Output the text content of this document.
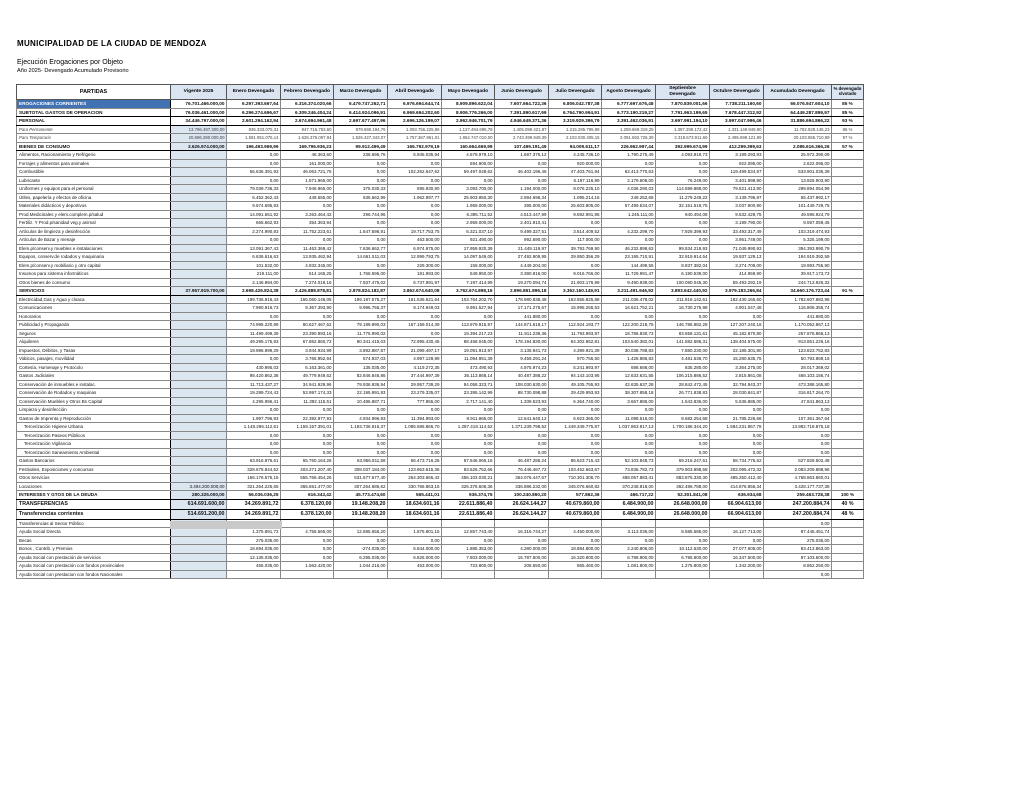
MUNICIPALIDAD DE LA CIUDAD DE MENDOZA
Ejecución Erogaciones por Objeto
Año 2025- Devengado Acumulado Provisorio
PARTIDAS	Vigente 2025	Enero Devengado	Febrero Devengado	Marzo Devengado	Abril Devengado	Mayo Devengado	Junio Devengado	Julio Devengado	Agosto Devengado	Septiembre Devengado	Octubre Devengado	Acumulado Devengado	% devengado s/votado
EROGACIONES CORRIENTES	76.701.466.000,00	6.297.393.667,64	6.316.374.020,66	6.479.747.262,71	6.976.694.644,74	8.909.896.622,04	7.607.664.722,36	6.806.042.787,38	6.777.697.676,48	7.870.839.001,66	7.738.211.160,60	66.076.947.604,10	85 %
SUBTOTAL GASTOS DE OPERACION	76.036.461.000,00	6.296.274.696,67	6.309.246.404,24	6.414.924.096,91	6.969.694.202,60	8.906.776.266,00	7.391.890.617,99	6.764.790.994,91	6.773.190.219,27	7.791.963.199,65	7.678.447.312,92	64.449.287.899,97	85 %
PERSONAL	34.446.797.000,00	2.601.294.162,94	2.674.694.961,48	2.697.677.497,96	2.696.126.199,07	2.962.946.701,79	4.946.649.371,36	3.319.929.396,79	3.391.462.036,91	3.697.991.194,10	3.997.047.996,46	31.886.694.866,22	93 %
Para Permanente	13.796.497.300,00	936.333.075,31	947.716.753,60	979.690.194,76	1.093.756.225,96	1.127.494.695,78	1.405.099.421,87	1.215.295.795,98	1.259.669.319,25	1.397.299.172,42	1.331.149.949,90	11.782.828.145,23	86 %
Para Temporario	20.696.390.000,00	1.591.951.076,14	1.626.376.097,94	1.526.427.343,07	1.757.367.961,01	1.954.747.010,00	2.743.499.949,39	2.103.030.405,15	2.091.692.726,39	2.319.673.911,69	2.495.699.121,99	20.103.865.710,99	97 %
BIENES DE CONSUMO	3.626.974.000,00	196.493.969,99	169.796.936,23	99.912.499,49	166.792.979,19	160.664.669,99	107.499.191,49	94.009.611,17	226.962.997,44	392.999.674,99	412.299.399,63	2.086.616.366,26	57 %
Alimentos, Racionamiento y Refrigerio		0,00	46.363,60	236.696,76	5.945.035,94	4.679.979,10	1.697.376,12	4.245.736,10	1.790.275,49	4.093.919,73	3.199.293,93	25.972.390,09	
Forrajes y alimentos para animales		0,00	161.000,00	0,00	0,00	694.900,00	0,00	920.000,00	0,00	0,00	922.095,00	2.622.095,00	
Combustible		56.636.391,93	46.063.721,76	0,00	102.262.647,62	59.497.049,62	46.402.196,46	47.403.761,94	62.413.770,63	0,00	119.499.534,97	533.901.035,39	
Lubricante		0,00	1.571.965,00	0,00	0,00	0,00	0,00	6.197.116,99	2.179.606,00	76.249,00	3.401.999,90	13.925.903,90	
Uniformes y equipos para el personal		79.039.736,33	7.946.965,00	375.030,33	595.930,90	3.093.700,00	1.194.000,00	9.076.225,10	4.036.290,03	114.599.888,00	79.521.413,90	299.894.054,99	
Útiles, papelería y efectos de oficina		6.452.362,43	449.555,00	535.662,99	1.962.997,77	25.903.950,30	2.694.696,34	1.095.214,16	249.252,65	11.279.249,22	3.139.796,97	55.437.992,17	
Materiales didácticos y deportivos		9.674.695,93	0,00	0,00	0,00	1.959.000,00	395.000,00	25.603.905,00	57.499.534,07	32.151.519,75	3.037.900,90	101.449.729,75	
Prod.Medicinales y elem.complem.p/salud		14.091.651,92	3.263.464,42	296.744,96	0,00	6.395.711,52	4.513.447,99	9.592.991,95	1.246.111,00	940.494,08	9.532.429,75	49.595.924,79	
Fertiliz. Y Prod.p/sanidad veg.y animal		665.662,93	354.363,94	0,00	0,00	2.959.000,00	2.401.910,41	0,00	0,00	0,00	3.199.790,00	9.597.059,45	
Artículos de limpieza y desinfección		2.274.990,93	11.752.223,61	1.647.596,91	19.717.753,75	6.321.037,10	9.499.327,51	3.614.409,52	4.232.299,70	7.929.399,93	33.493.317,49	103.319.474,93	
Artículos de Bazar y menaje		0,00	0,00	0,00	463.500,00	921.490,00	992.690,00	117.000,00	0,00	0,00	3.951.749,00	5.325.199,00	
Elem.p/conserv.y muebles e instalaciones		13.091.367,43	11.463.369,42	7.636.662,77	6.974.975,00	17.959.920,39	21.449.119,97	39.793.769,90	46.232.898,63	99.534.219,93	71.049.990,93	394.393.990,79	
Equipos, conserv.de rodados y maquinaria		6.636.616,63	13.935.462,94	14.661.511,03	12.999.793,75	14.097.549,00	27.492.909,95	29.950.356,29	23.195.710,91	32.919.914,54	19.937.129,13	194.919.392,59	
Elem.p/conserv.y mobiliario y otro capital		101.532,00	4.932.345,00	0,00	229.300,00	159.000,00	4.449.204,00	0,00	144.499,55	8.837.382,04	3.274.709,00	19.993.755,90	
Insumos para sistema informáticos		219.111,00	614.165,25	1.766.596,00	191.993,00	549.950,00	3.390.916,00	9.016.766,00	11.729.991,47	6.190.539,00	414.959,90	39.917.173,73	
Otros bienes de consumo		2.146.994,00	7.274.019,16	7.937.475,02	6.737.991,97	7.197.414,99	19.270.094,74	21.903.176,99	9.490.939,00	100.090.045,30	59.493.292,19	244.713.925,32	
SERVICIOS	37.957.919.700,00	2.698.426.824,38	2.426.888.878,81	2.878.824.182,87	3.862.674.640,08	3.762.674.898,16	2.896.861.896,18	3.362.160.149,91	3.211.491.946,92	3.893.642.440,92	3.979.183.266,84	34.660.176.723,44	91 %
Electricidad,Gas y Agua y cloaca		199.736.916,43	165.060.146,05	199.197.575,27	161.535.621,64	103.764.202,70	178.980.838,48	163.855.825,88	211.036.478,02	211.816.142,61	182.430.165,60	1.782.607.882,98	
Comunicaciones		7.990.916,73	9.367.393,90	9.996.755,37	9.174.949,03	9.991.527,94	17.171.275,67	15.995.255,53	16.621.752,21	16.730.275,98	4.901.047,48	116.806.355,74	
Honorarios		0,00	0,00	0,00	0,00	0,00	441.880,00	0,00	0,00	0,00	0,00	441.880,00	
Publicidad y Propaganda		74.995.220,99	80.627.467,62	79.199.990,03	167.159.014,39	113.979.915,97	144.871.618,17	112.924.193,77	122.200.218,75	146.786.882,28	127.207.240,16	1.170.052.867,13	
Seguros		11.499.499,39	23.390.993,16	11.775.990,02	0,00	19.394.217,23	11.911.239,36	11.793.993,97	18.786.830,73	83.658.131,61	45.182.870,80	267.876.866,13	
Alquileres		49.295.175,93	67.862.860,72	90.341.415,03	72.995.430,45	88.458.045,00	178.194.830,00	84.302.852,81	103.540.382,01	141.582.586,31	138.404.575,00	913.851.226,16	
Impuestos, Débitos, y Tasas		19.996.999,29	3.944.934,99	3.892.887,87	21.099.497,17	19.091.913,97	3.135.941,73	4.399.921,39	30.038.788,83	7.880.230,00	22.185.301,80	123.823.752,83	
Viáticos, pasajes, movilidad		0,00	3.765.952,94	574.937,03	4.997.129,99	11.094.951,39	9.459.291,24	970.755,50	1.428.886,83	4.481.536,70	15.280.635,75	50.793.869,16	
Cortesía, Homenaje y Protocolo		430.995,03	6.163.361,00	135.035,00	4.119.272,35	473.490,93	4.975.974,23	5.241.993,97	698.688,00	835.280,00	3.364.275,00	28.017.369,02	
Gastos Judiciales		98.420.862,38	49.779.949,62	82.846.846,86	37.444.997,39	36.113.868,14	40.487.388,22	94.143.103,95	12.633.631,55	106.215.886,52	2.815.861,08	468.103.156,74	
Conservación de inmuebles e instalac.		11.713.437,27	34.941.929,96	79.936.936,94	29.957.739,29	84.058.323,71	108.030.630,00	49.105.755,93	42.635.637,28	28.842.472,45	32.794.943,37	473.388.165,80	
Conservación de Rodados y maquinas		19.299.724,43	53.997.174,33	22.195.991,93	23.279.335,07	23.395.142,99	88.730.098,88	29.429.993,93	38.307.858,18	26.771.838,83	28.030.841,87	316.817.264,70	
Conservación Muebles y Otros Bs Capital		4.295.996,41	11.392.115,51	10.486.887,71	777.955,00	2.717.141,40	1.339.523,93	6.364.740,00	3.667.886,00	1.543.836,00	5.536.886,00	47.841.863,13	
Limpieza y desinfección		0,00	0,00	0,00	0,00	0,00	0,00	0,00	0,00	0,00	0,00	0,00	
Gastos de Imprenta y Reproducción		1.997.796,93	22.392.977,93	4.934.996,93	11.394.993,00	8.911.865,00	12.641.640,12	6.923.365,00	11.098.516,00	8.682.254,68	21.785.226,68	107.361.367,64	
Tercerización Higiene Urbana		1.148.296.112,61	1.159.157.391,01	1.193.736.915,37	1.085.586.865,70	1.287.418.114,52	1.371.239.798,52	1.449.349.775,87	1.037.863.817,13	1.700.186.344,20	1.584.231.867,78	13.982.718.875,18	
Tercerización Paseos Públicos		0,00	0,00	0,00	0,00	0,00	0,00	0,00	0,00	0,00	0,00	0,00	
Tercerización Vigilancia		0,00	0,00	0,00	0,00	0,00	0,00	0,00	0,00	0,00	0,00	0,00	
Tercerización Saneamiento Ambiental		0,00	0,00	0,00	0,00	0,00	0,00	0,00	0,00	0,00	0,00	0,00	
Gastos Bancarios		63.916.876,61	65.760.164,26	63.956.811,58	66.473.716,26	57.546.065,16	46.487.286,24	86.623.715,43	52.103.848,73	69.216.247,61	58.734.776,62	627.828.502,48	
Festivales, Exposiciones y concursos		328.675.844,52	403.271.207,40	308.037.184,00	123.863.615,36	83.626.752,66	76.446.467,72	103.452.663,67	73.836.782,73	379.903.898,58	202.095.472,32	2.083.209.888,96	
Otros Servicios		166.176.575,16	555.766.454,26	531.677.677,40	264.303.665,42	456.103.030,21	364.076.447,67	710.301.306,70	488.057.883,41	883.876.330,30	485.260.412,40	4.768.863.860,01	
Locaciones	3.494.200.000,00	321.264.225,65	365.651.477,00	307.264.686,62	330.766.863,16	326.376.606,36	336.886.232,00	345.076.660,82	370.248.818,00	362.486.788,00	414.876.856,34	3.428.177.737,38	
INTERESES Y GTOS DE LA DEUDA	280.325.000,00	56.036.036,25	616.343,42	45.773.474,60	565.441,01	936.374,75	100.240.860,20	577.862,36	466.717,22	52.301.841,08	636.934,68	259.463.728,38	100 %
TRANSFERENCIAS	614.691.600,00	34.269.891,72	6.378.120,00	19.148.208,20	18.634.601,16	22.611.886,40	26.624.144,27	40.679.860,00	6.484.900,00	26.648.000,00	66.904.613,00	247.200.884,74	40 %
Transferencias corrientes	514.691.200,00	34.269.891,72	6.378.120,00	19.148.208,20	18.634.601,16	22.611.886,40	26.624.144,27	40.679.860,00	6.484.900,00	26.648.000,00	66.904.613,00	247.200.884,74	48 %
Transferencias al Sector Público												0,00	
Ayuda Social Directa		1.375.891,72	4.755.565,00	12.685.656,20	1.875.801,15	12.857.743,40	16.316.744,27	4.450.000,00	3.113.036,00	8.585.586,00	16.127.713,00	87.445.451,74	
Becas		275.035,00	0,00	0,00	0,00	0,00	0,00	0,00	0,00	0,00	0,00	275.035,00	
Bonos , Contrib. y Premios		18.694.035,00	0,00	-274.035,00	6.844.000,00	1.885.353,00	4.280.000,00	18.884.800,00	2.240.806,00	10.112.530,00	27.077.605,00	83.413.863,00	
Ayuda Social con prestación de servicios		12.135.035,00	0,00	6.295.035,00	6.826.000,00	7.803.000,00	16.787.500,00	16.320.800,00	6.798.900,00	6.795.800,00	16.347.500,00	87.103.600,00	
Ayuda Social con prestación con fondos provinciales		455.035,00	1.563.420,00	1.044.216,00	453.000,00	723.800,00	208.650,00	865.460,00	1.081.800,00	1.275.800,00	1.342.200,00	8.862.250,00	
Ayuda Social con prestacion con fondos Nacionales												0,00	
